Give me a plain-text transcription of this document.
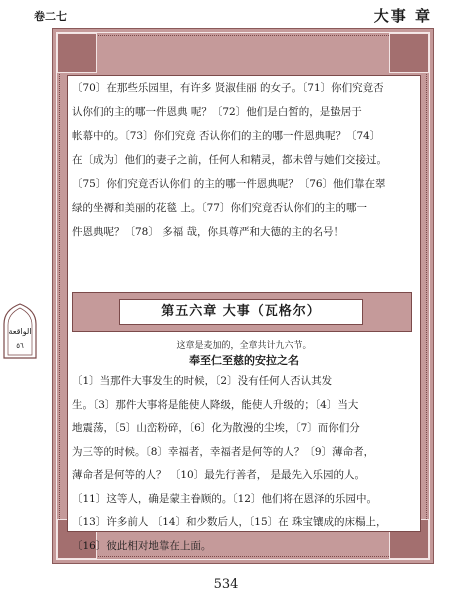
卷二七	大事 章
〔70〕在那些乐园里，有许多 贤淑佳丽 的女子。〔71〕你们究竟否
认你们的主的哪一件恩典 呢？〔72〕他们是白皙的，是蛰居于
帐幕中的。〔73〕你们究竟 否认你们的主的哪一件恩典呢？〔74〕
在〔成为〕他们的妻子之前，任何人和精灵，都未曾与她们交接过。
〔75〕你们究竟否认你们 的主的哪一件恩典呢？〔76〕他们靠在翠
绿的坐褥和美丽的花毯 上。〔77〕你们究竟否认你们的主的哪一
件恩典呢？〔78〕 多福 哉，你具尊严和大德的主的名号！
第五六章 大事（瓦格尔）
这章是麦加的，全章共计九六节。
奉至仁至慈的安拉之名
〔1〕当那件大事发生的时候，〔2〕没有任何人否认其发
生。〔3〕那件大事将是能使人降级，能使人升级的；〔4〕当大
地震荡，〔5〕山峦粉碎，〔6〕化为散漫的尘埃，〔7〕而你们分
为三等的时候。〔8〕幸福者，幸福者是何等的人？〔9〕薄命者，
薄命者是何等的人？ 〔10〕最先行善者， 是最先入乐园的人。
〔11〕这等人，确是蒙主眷顾的。〔12〕他们将在恩泽的乐园中。
〔13〕许多前人 〔14〕和少数后人，〔15〕在 珠宝镶成的床榻上，
〔16〕彼此相对地靠在上面。
الواقعة
٥٦
534
